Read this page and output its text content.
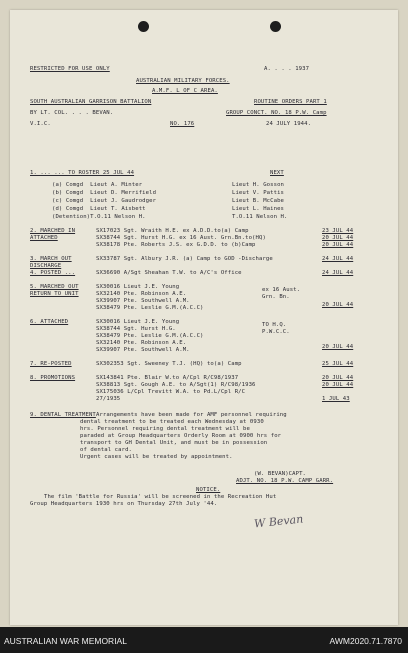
RESTRICTED FOR USE ONLY	A. . . . 1937
AUSTRALIAN MILITARY FORCES.
A.M.F. L OF C AREA.
SOUTH AUSTRALIAN GARRISON BATTALION	ROUTINE ORDERS PART 1
BY LT. COL. . . . BEVAN.	GROUP CONCT. NO. 18 P.W. Camp
V.I.C.	NO. 176	24 JULY 1944.
1. ... ... TO ROSTER 25 JUL 44	NEXT
(a) Comgd  Lieut A. Minter	Lieut H. Gosson
(b) Comgd  Lieut D. Merrifield	Lieut V. Pattis
(c) Comgd  Lieut J. Gaudrodger	Lieut B. McCabe
(d) Comgd  Lieut T. Aisbett	Lieut L. Haines
(Detention)T.O.11 Nelson H.	T.O.11 Nelson H.
2. MARCHED IN
ATTACHED
SX17023 Sgt. Wraith H.E. ex A.D.D.to(a) Camp	23 JUL 44
SX38744 Sgt. Hurst H.G. ex 16 Aust. Grn.Bn.to(HQ)	20 JUL 44
SX38178 Pte. Roberts J.S. ex G.D.D. to (b)Camp	20 JUL 44
3. MARCH OUT
DISCHARGE
SX33787 Sgt. Albury J.R. (a) Camp to GOD -Discharge	24 JUL 44
4. POSTED ...	SX36690 A/Sgt Sheahan T.W. to A/C's Office	24 JUL 44
5. MARCHED OUT
RETURN TO UNIT
SX30016 Lieut J.E. Young
SX32140 Pte. Robinson A.E.
SX39907 Pte. Southwell A.M.
SX38479 Pte. Leslie G.M.(A.C.C)
ex 16 Aust. Grn. Bn.
20 JUL 44
6. ATTACHED	SX30016 Lieut J.E. Young
SX38744 Sgt. Hurst H.G.
SX38479 Pte. Leslie G.M.(A.C.C)
SX32140 Pte. Robinson A.E.
SX39907 Pte. Southwell A.M.
TO H.Q. P.W.C.C.
20 JUL 44
7. RE-POSTED	SX302353 Sgt. Sweeney T.J. (HQ) to(a) Camp	25 JUL 44
8. PROMOTIONS	SX143841 Pte. Blair W.to A/Cpl R/C98/1937	20 JUL 44
SX38813 Sgt. Gough A.E. to A/Sgt(1) R/C98/1936	20 JUL 44
SX175036 L/Cpl Trevitt W.A. to Pd.L/Cpl R/C
27/1935	1 JUL 43
9. DENTAL TREATMENT Arrangements have been made for AMF personnel requiring
dental treatment to be treated each Wednesday at 0930
hrs. Personnel requiring dental treatment will be
paraded at Group Headquarters Orderly Room at 0900 hrs for
transport to GH Dental Unit, and must be in possession
of dental card.
Urgent cases will be treated by appointment.
(W. BEVAN)CAPT.
ADJT. NO. 18 P.W. CAMP GARR.
NOTICE.
The film 'Battle for Russia' will be screened in the Recreation Hut
Group Headquarters 1930 hrs on Thursday 27th July '44.
W Bevan
AUSTRALIAN WAR MEMORIAL	AWM2020.71.7870
